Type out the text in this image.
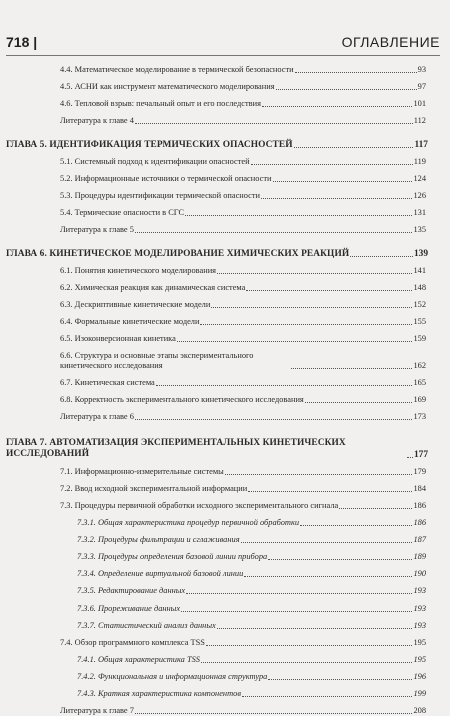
718 |	ОГЛАВЛЕНИЕ
4.4. Математическое моделирование в термической безопасности	93
4.5. АСНИ как инструмент математического моделирования	97
4.6. Тепловой взрыв: печальный опыт и его последствия	101
Литература к главе 4	112
ГЛАВА 5. ИДЕНТИФИКАЦИЯ ТЕРМИЧЕСКИХ ОПАСНОСТЕЙ	117
5.1. Системный подход к идентификации опасностей	119
5.2. Информационные источники о термической опасности	124
5.3. Процедуры идентификации термической опасности	126
5.4. Термические опасности в СГС	131
Литература к главе 5	135
ГЛАВА 6. КИНЕТИЧЕСКОЕ МОДЕЛИРОВАНИЕ ХИМИЧЕСКИХ РЕАКЦИЙ	139
6.1. Понятия кинетического моделирования	141
6.2. Химическая реакция как динамическая система	148
6.3. Дескриптивные кинетические модели	152
6.4. Формальные кинетические модели	155
6.5. Изоконверсионная кинетика	159
6.6. Структура и основные этапы экспериментального кинетического исследования	162
6.7. Кинетическая система	165
6.8. Корректность экспериментального кинетического исследования	169
Литература к главе 6	173
ГЛАВА 7. АВТОМАТИЗАЦИЯ ЭКСПЕРИМЕНТАЛЬНЫХ КИНЕТИЧЕСКИХ ИССЛЕДОВАНИЙ	177
7.1. Информационно-измерительные системы	179
7.2. Ввод исходной экспериментальной информации	184
7.3. Процедуры первичной обработки исходного экспериментального сигнала	186
7.3.1. Общая характеристика процедур первичной обработки	186
7.3.2. Процедуры фильтрации и сглаживания	187
7.3.3. Процедуры определения базовой линии прибора	189
7.3.4. Определение виртуальной базовой линии	190
7.3.5. Редактирование данных	193
7.3.6. Прореживание данных	193
7.3.7. Статистический анализ данных	193
7.4. Обзор программного комплекса TSS	195
7.4.1. Общая характеристика TSS	195
7.4.2. Функциональная и информационная структура	196
7.4.3. Краткая характеристика компонентов	199
Литература к главе 7	208
